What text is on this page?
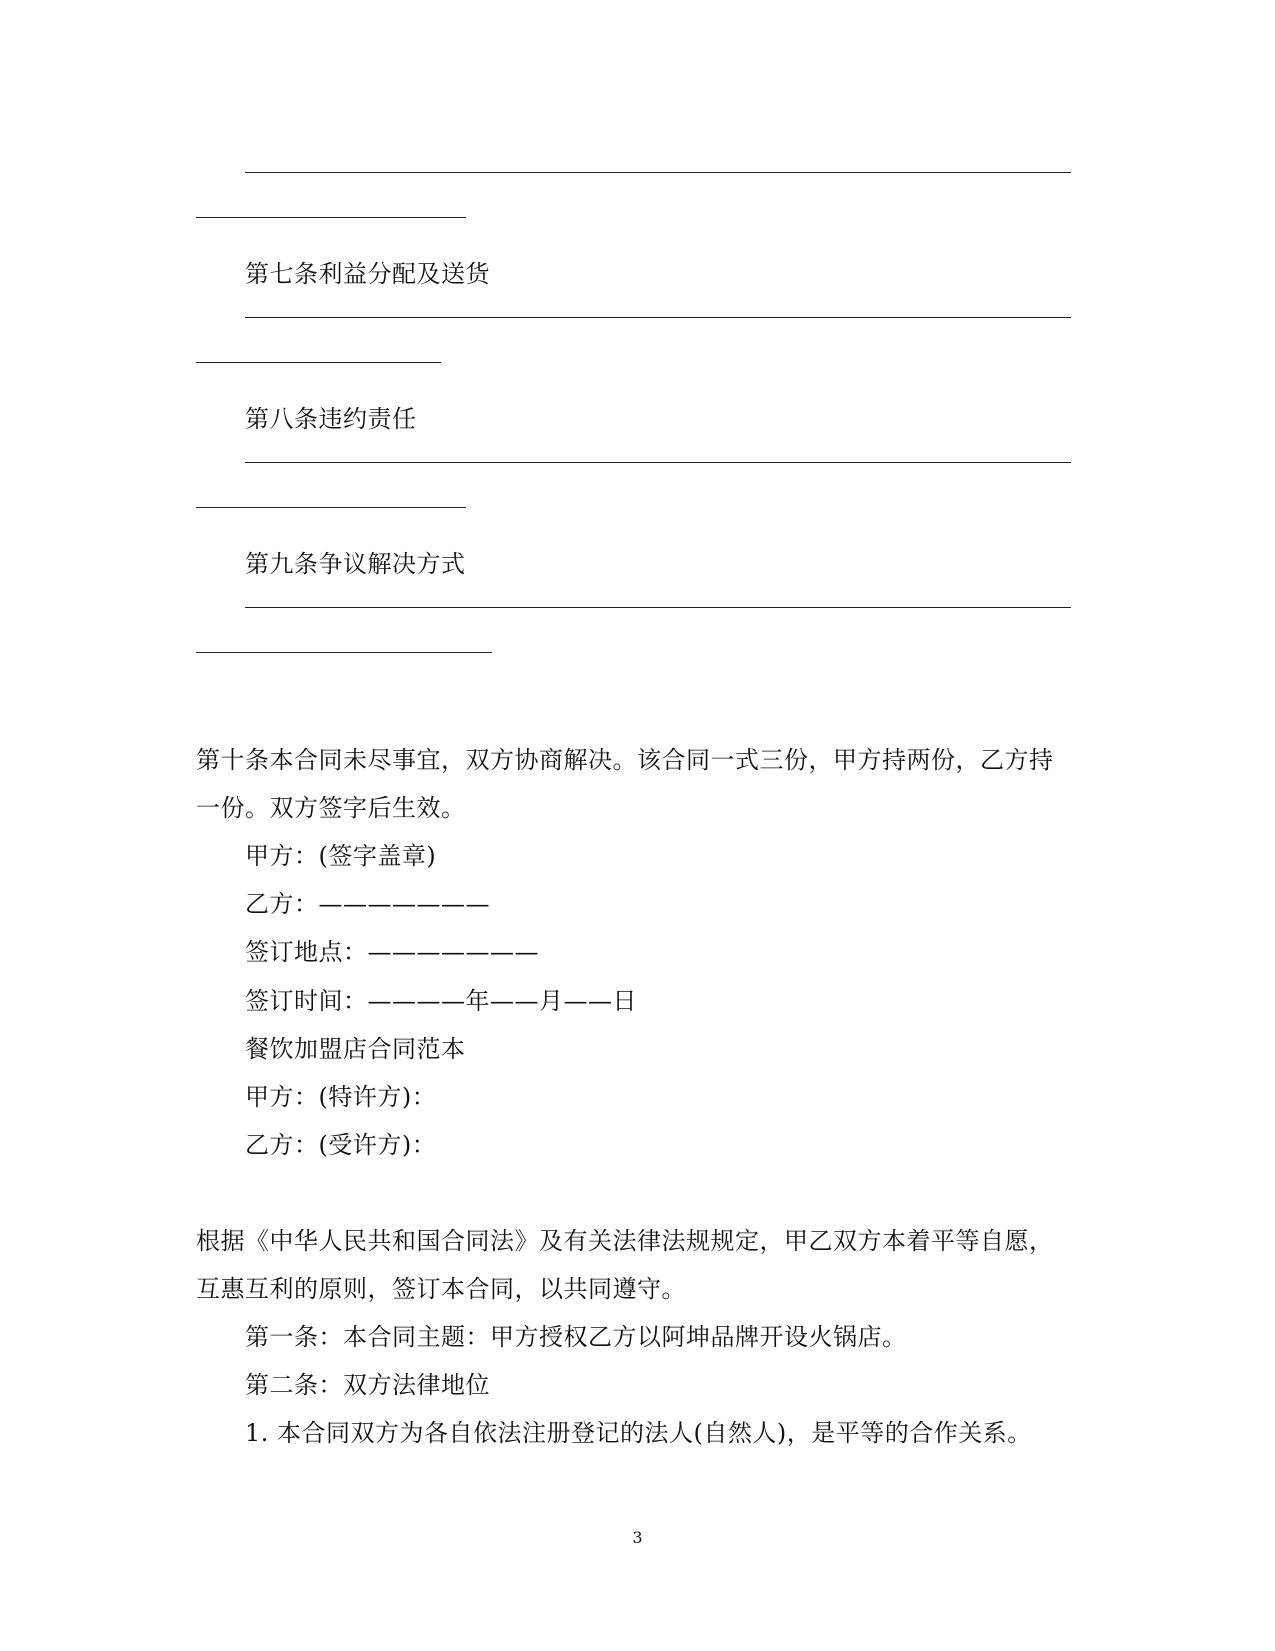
第七条利益分配及送货
第八条违约责任
第九条争议解决方式
第十条本合同未尽事宜，双方协商解决。该合同一式三份，甲方持两份，乙方持
一份。双方签字后生效。
甲方：(签字盖章)
乙方：———————
签订地点：———————
签订时间：————年——月——日
餐饮加盟店合同范本
甲方：(特许方)：
乙方：(受许方)：
根据《中华人民共和国合同法》及有关法律法规规定，甲乙双方本着平等自愿，
互惠互利的原则，签订本合同，以共同遵守。
第一条：本合同主题：甲方授权乙方以阿坤品牌开设火锅店。
第二条：双方法律地位
1. 本合同双方为各自依法注册登记的法人(自然人)，是平等的合作关系。
3
